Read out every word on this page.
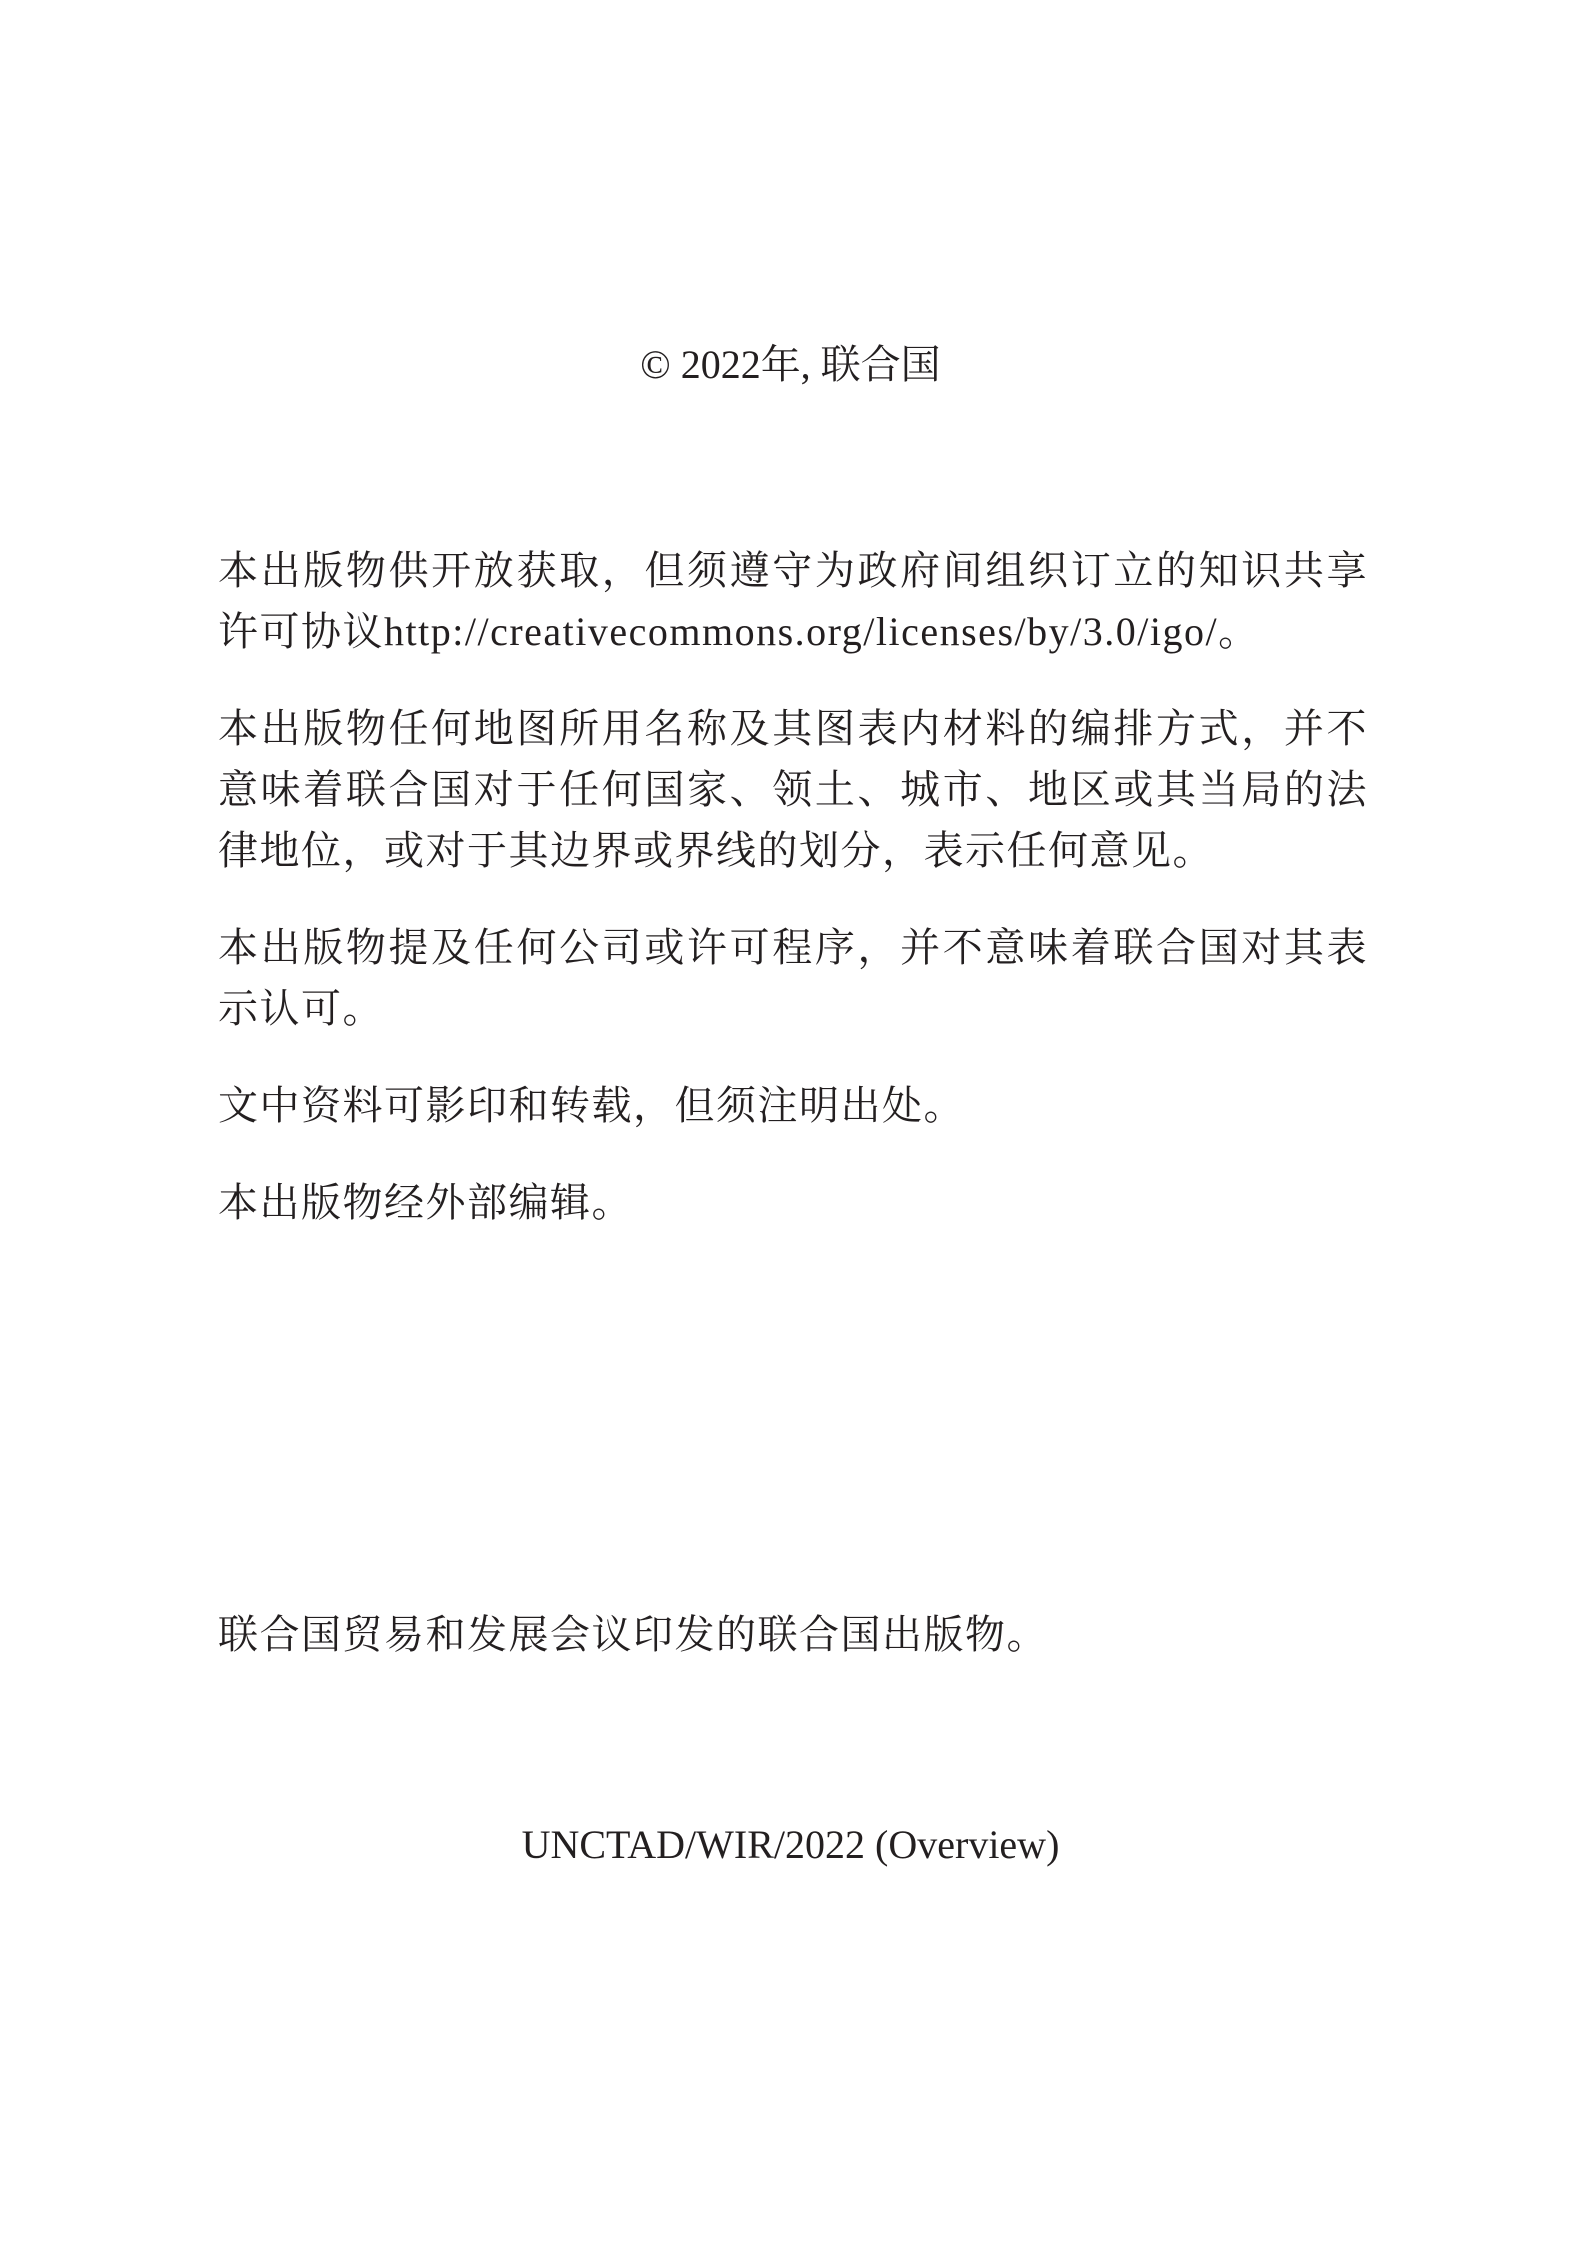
© 2022年, 联合国

本出版物供开放获取，但须遵守为政府间组织订立的知识共享许可协议http://creativecommons.org/licenses/by/3.0/igo/。

本出版物任何地图所用名称及其图表内材料的编排方式，并不意味着联合国对于任何国家、领土、城市、地区或其当局的法律地位，或对于其边界或界线的划分，表示任何意见。

本出版物提及任何公司或许可程序，并不意味着联合国对其表示认可。

文中资料可影印和转载，但须注明出处。

本出版物经外部编辑。

联合国贸易和发展会议印发的联合国出版物。

UNCTAD/WIR/2022 (Overview)
